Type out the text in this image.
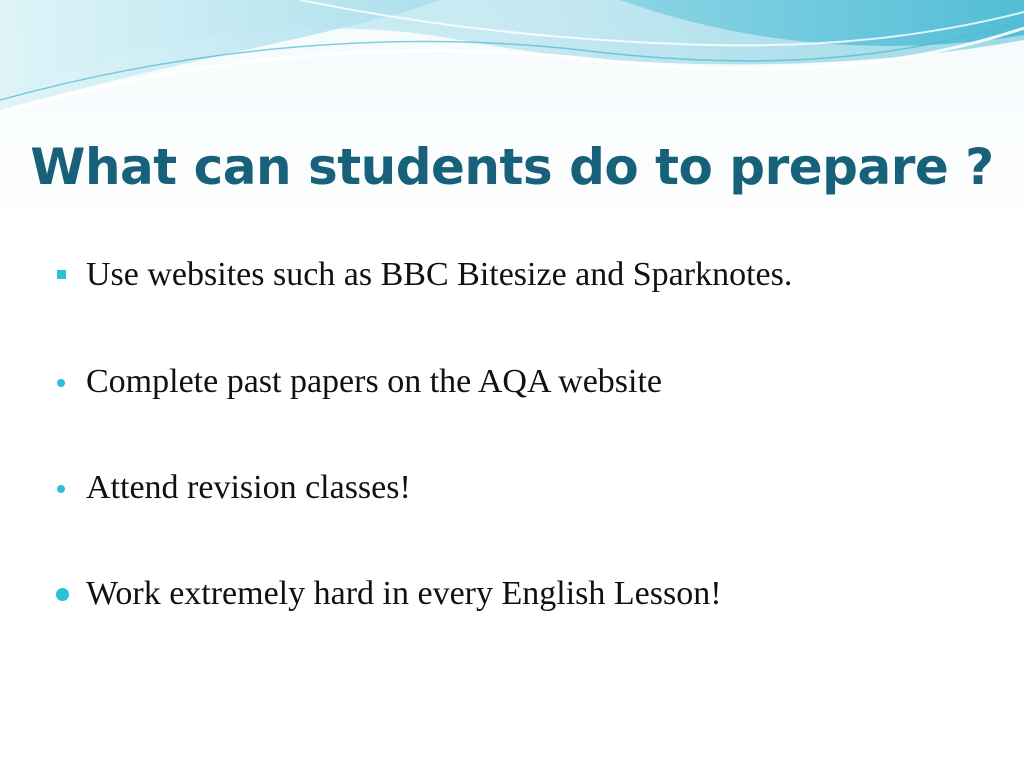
What can students do to prepare ?
Use websites such as BBC Bitesize and Sparknotes.
Complete past papers on the AQA website
Attend revision classes!
Work extremely hard in every English Lesson!
